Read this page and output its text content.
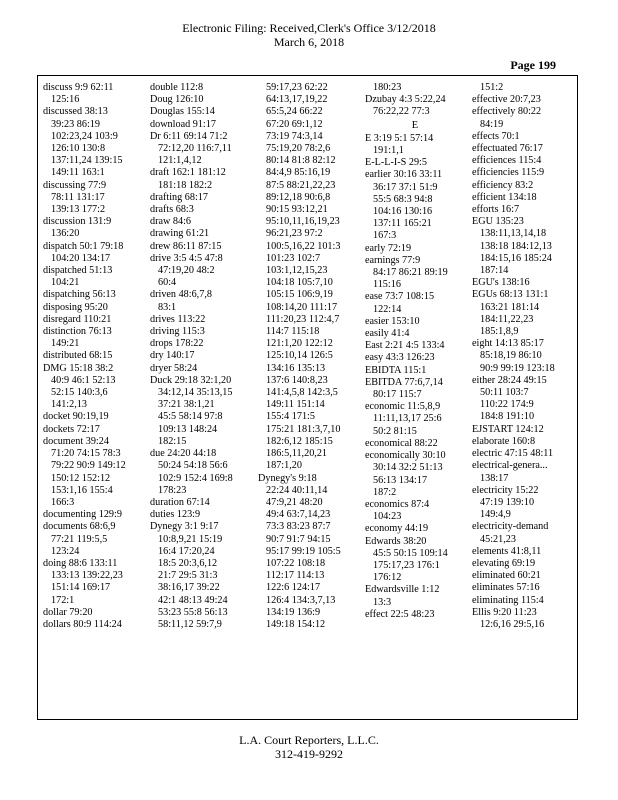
Electronic Filing: Received,Clerk's Office 3/12/2018
March 6, 2018
Page 199
discuss 9:9 62:11
125:16
discussed 38:13
39:23 86:19
102:23,24 103:9
126:10 130:8
137:11,24 139:15
149:11 163:1
discussing 77:9
78:11 131:17
139:13 177:2
discussion 131:9
136:20
dispatch 50:1 79:18
104:20 134:17
dispatched 51:13
104:21
dispatching 56:13
disposing 95:20
disregard 110:21
distinction 76:13
149:21
distributed 68:15
DMG 15:18 38:2
40:9 46:1 52:13
52:15 140:3,6
141:2,13
docket 90:19,19
dockets 72:17
document 39:24
71:20 74:15 78:3
79:22 90:9 149:12
150:12 152:12
153:1,16 155:4
166:3
documenting 129:9
documents 68:6,9
77:21 119:5,5
123:24
doing 88:6 133:11
133:13 139:22,23
151:14 169:17
172:1
dollar 79:20
dollars 80:9 114:24
double 112:8
Doug 126:10
Douglas 155:14
download 91:17
Dr 6:11 69:14 71:2
72:12,20 116:7,11
121:1,4,12
draft 162:1 181:12
181:18 182:2
drafting 68:17
drafts 68:3
draw 84:6
drawing 61:21
drew 86:11 87:15
drive 3:5 4:5 47:8
47:19,20 48:2
60:4
driven 48:6,7,8
83:1
drives 113:22
driving 115:3
drops 178:22
dry 140:17
dryer 58:24
Duck 29:18 32:1,20
34:12,14 35:13,15
37:21 38:1,21
45:5 58:14 97:8
109:13 148:24
182:15
due 24:20 44:18
50:24 54:18 56:6
102:9 152:4 169:8
178:23
duration 67:14
duties 123:9
Dynegy 3:1 9:17
10:8,9,21 15:19
16:4 17:20,24
18:5 20:3,6,12
21:7 29:5 31:3
38:16,17 39:22
42:1 48:13 49:24
53:23 55:8 56:13
58:11,12 59:7,9
59:17,23 62:22
64:13,17,19,22
65:5,24 66:22
67:20 69:1,12
73:19 74:3,14
75:19,20 78:2,6
80:14 81:8 82:12
84:4,9 85:16,19
87:5 88:21,22,23
89:12,18 90:6,8
90:15 93:12,21
95:10,11,16,19,23
96:21,23 97:2
100:5,16,22 101:3
101:23 102:7
103:1,12,15,23
104:18 105:7,10
105:15 106:9,19
108:14,20 111:17
111:20,23 112:4,7
114:7 115:18
121:1,20 122:12
125:10,14 126:5
134:16 135:13
137:6 140:8,23
141:4,5,8 142:3,5
149:11 151:14
155:4 171:5
175:21 181:3,7,10
182:6,12 185:15
186:5,11,20,21
187:1,20
Dynegy's 9:18
22:24 40:11,14
47:9,21 48:20
49:4 63:7,14,23
73:3 83:23 87:7
90:7 91:7 94:15
95:17 99:19 105:5
107:22 108:18
112:17 114:13
122:6 124:17
126:4 134:3,7,13
134:19 136:9
149:18 154:12
180:23
Dzubay 4:3 5:22,24
76:22,22 77:3
E
E 3:19 5:1 57:14
191:1,1
E-L-L-I-S 29:5
earlier 30:16 33:11
36:17 37:1 51:9
55:5 68:3 94:8
104:16 130:16
137:11 165:21
167:3
early 72:19
earnings 77:9
84:17 86:21 89:19
115:16
ease 73:7 108:15
122:14
easier 153:10
easily 41:4
East 2:21 4:5 133:4
easy 43:3 126:23
EBIDTA 115:1
EBITDA 77:6,7,14
80:17 115:7
economic 11:5,8,9
11:11,13,17 25:6
50:2 81:15
economical 88:22
economically 30:10
30:14 32:2 51:13
56:13 134:17
187:2
economics 87:4
104:23
economy 44:19
Edwards 38:20
45:5 50:15 109:14
175:17,23 176:1
176:12
Edwardsville 1:12
13:3
effect 22:5 48:23
151:2
effective 20:7,23
effectively 80:22
84:19
effects 70:1
effectuated 76:17
efficiences 115:4
efficiencies 115:9
efficiency 83:2
efficient 134:18
efforts 16:7
EGU 135:23
138:11,13,14,18
138:18 184:12,13
184:15,16 185:24
187:14
EGU's 138:16
EGUs 68:13 131:1
163:21 181:14
184:11,22,23
185:1,8,9
eight 14:13 85:17
85:18,19 86:10
90:9 99:19 123:18
either 28:24 49:15
50:11 103:7
110:22 174:9
184:8 191:10
EJSTART 124:12
elaborate 160:8
electric 47:15 48:11
electrical-genera...
138:17
electricity 15:22
47:19 139:10
149:4,9
electricity-demand
45:21,23
elements 41:8,11
elevating 69:19
eliminated 60:21
eliminates 57:16
eliminating 115:4
Ellis 9:20 11:23
12:6,16 29:5,16
L.A. Court Reporters, L.L.C.
312-419-9292
